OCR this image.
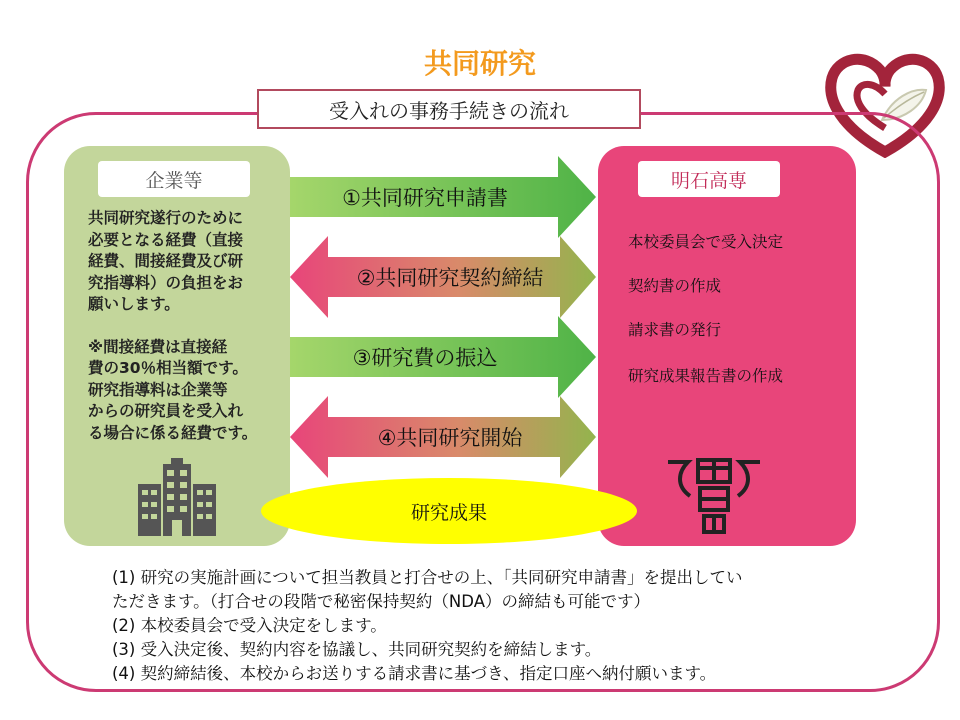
共同研究
受入れの事務手続きの流れ
企業等

共同研究遂行のために
必要となる経費（直接
経費、間接経費及び研
究指導料）の負担をお
願いします。

※間接経費は直接経
費の30％相当額です。
研究指導料は企業等
からの研究員を受入れ
る場合に係る経費です。

明石高専
本校委員会で受入決定
契約書の作成
請求書の発行
研究成果報告書の作成
①共同研究申請書
②共同研究契約締結
③研究費の振込
④共同研究開始
研究成果

(1) 研究の実施計画について担当教員と打合せの上、「共同研究申請書」を提出してい

ただきます。（打合せの段階で秘密保持契約（NDA）の締結も可能です）

(2) 本校委員会で受入決定をします。

(3) 受入決定後、契約内容を協議し、共同研究契約を締結します。

(4) 契約締結後、本校からお送りする請求書に基づき、指定口座へ納付願います。
